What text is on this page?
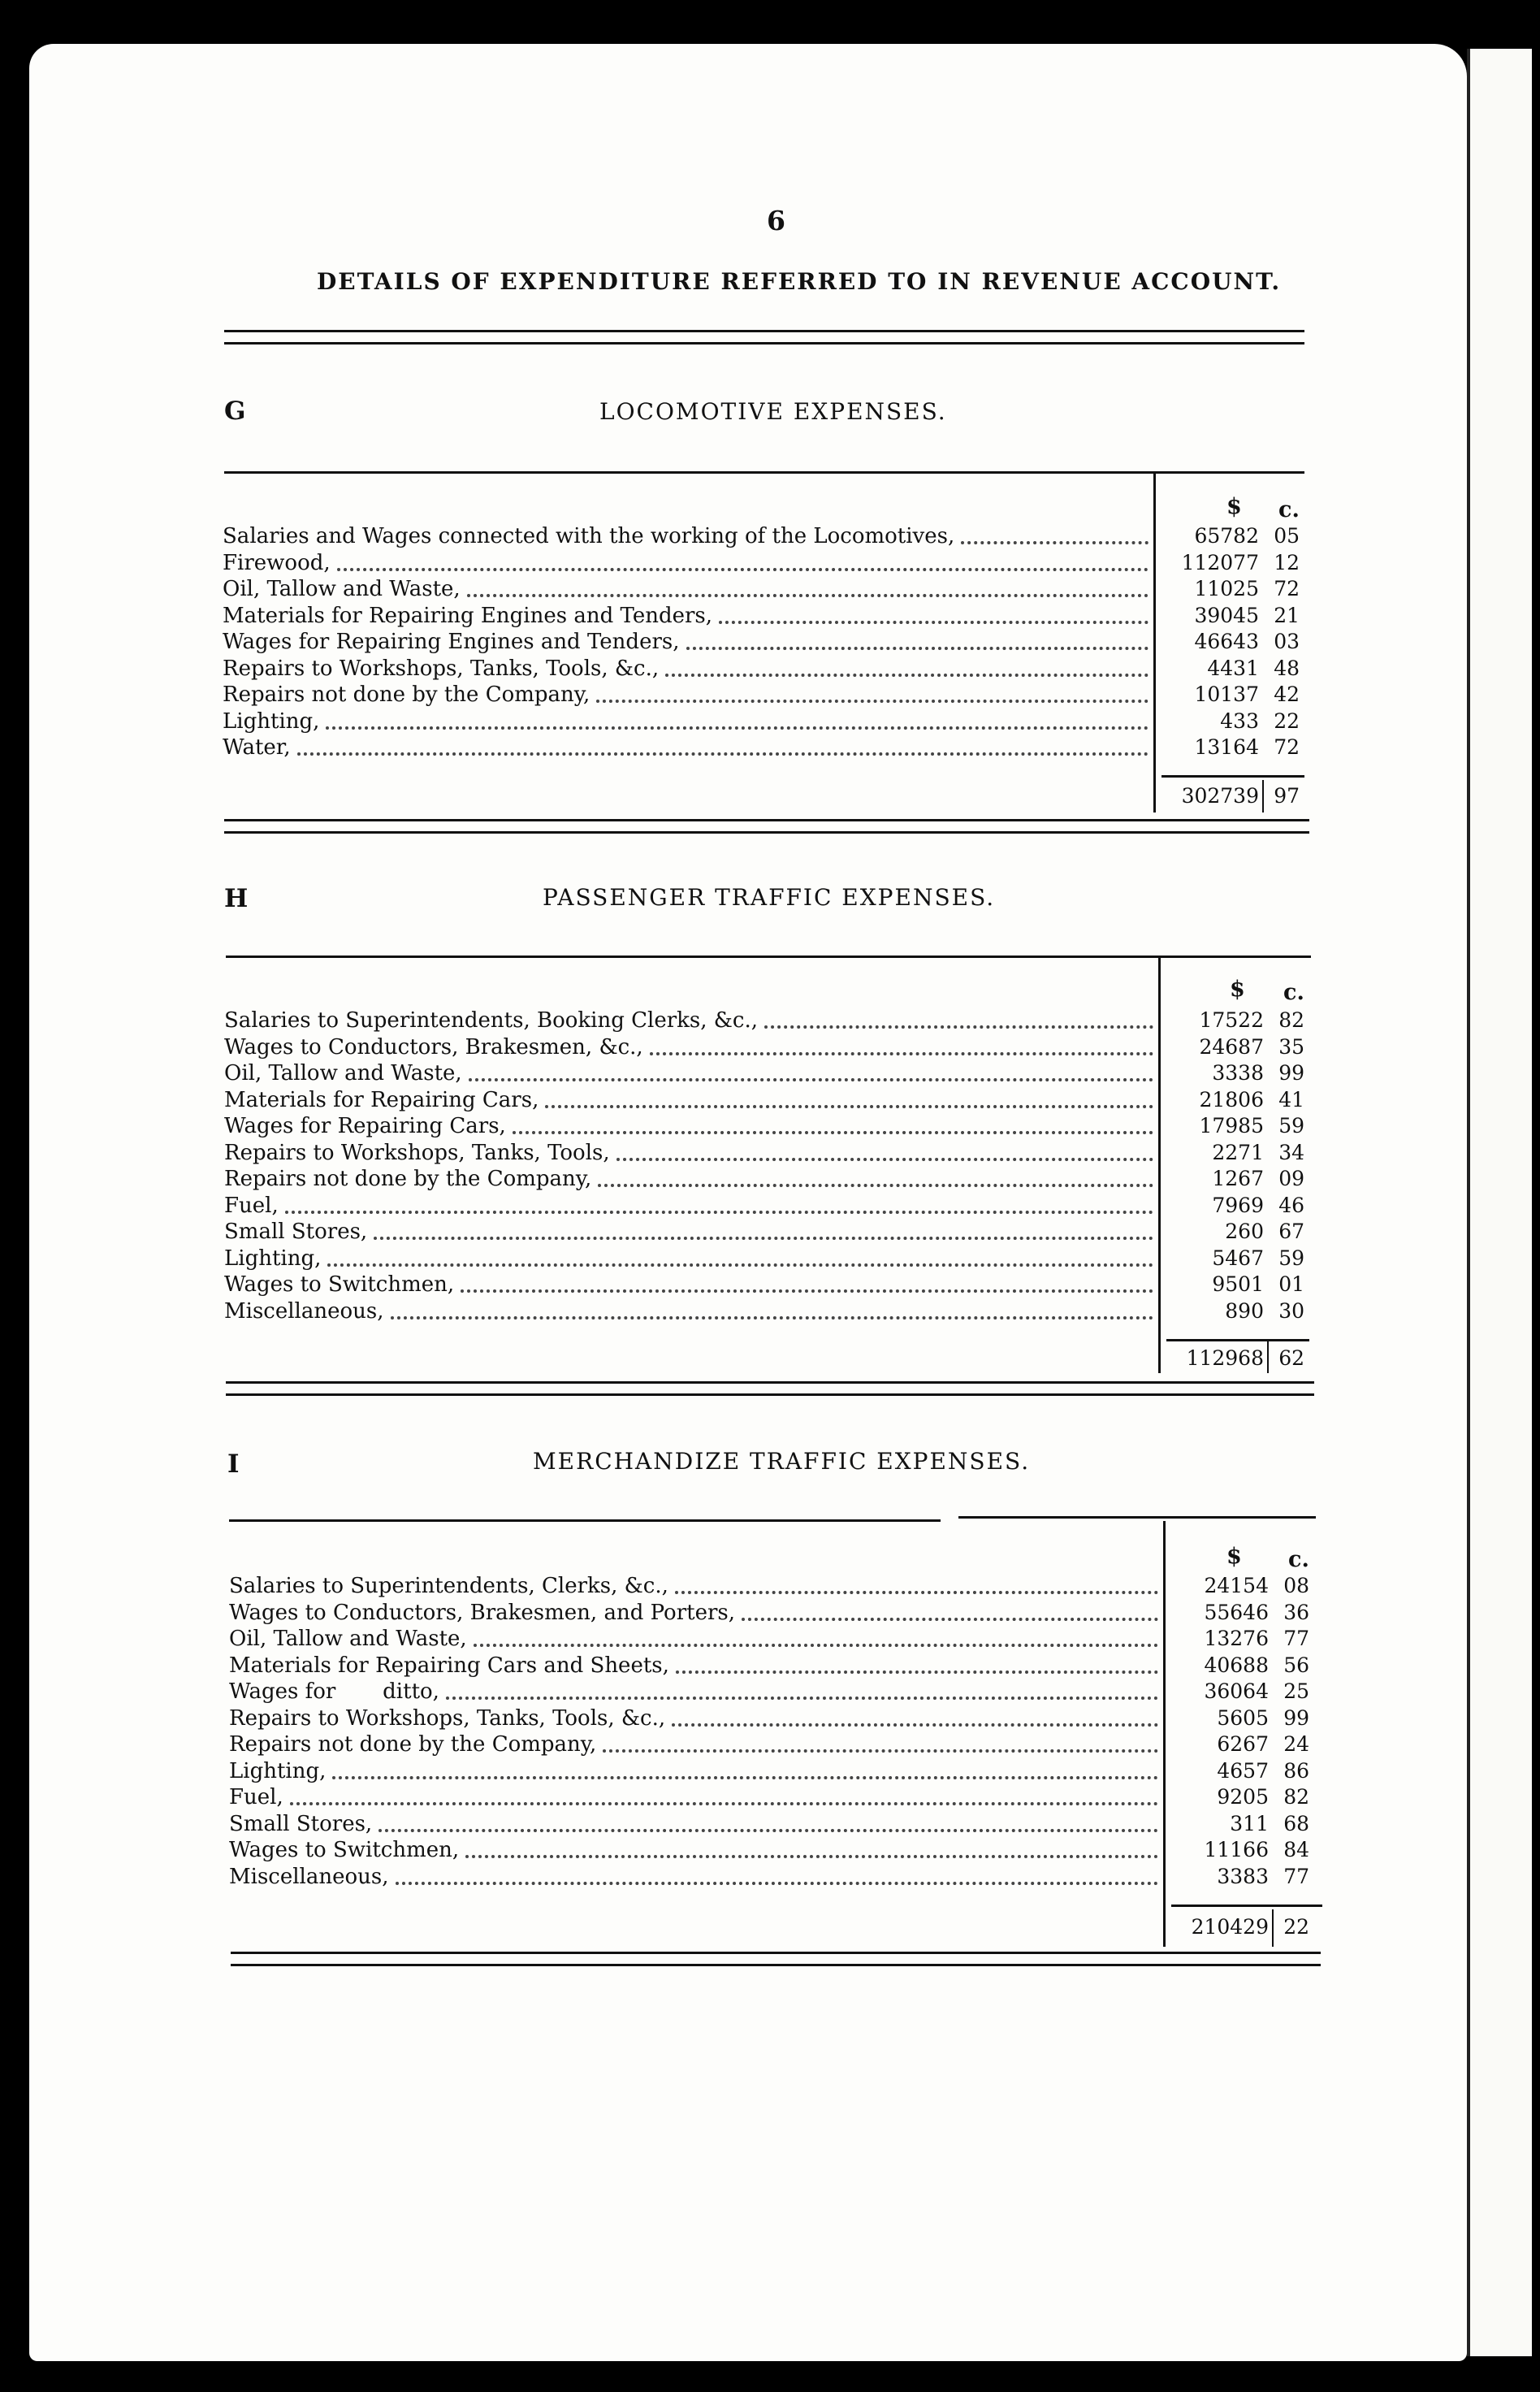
6
DETAILS OF EXPENDITURE REFERRED TO IN REVENUE ACCOUNT.
G	LOCOMOTIVE EXPENSES.
$ c.
Salaries and Wages connected with the working of the Locomotives,	65782 05
Firewood,	112077 12
Oil, Tallow and Waste,	11025 72
Materials for Repairing Engines and Tenders,	39045 21
Wages for Repairing Engines and Tenders,	46643 03
Repairs to Workshops, Tanks, Tools, &c.,	4431 48
Repairs not done by the Company,	10137 42
Lighting,	433 22
Water,	13164 72
302739 97
H	PASSENGER TRAFFIC EXPENSES.
$ c.
Salaries to Superintendents, Booking Clerks, &c.,	17522 82
Wages to Conductors, Brakesmen, &c.,	24687 35
Oil, Tallow and Waste,	3338 99
Materials for Repairing Cars,	21806 41
Wages for Repairing Cars,	17985 59
Repairs to Workshops, Tanks, Tools,	2271 34
Repairs not done by the Company,	1267 09
Fuel,	7969 46
Small Stores,	260 67
Lighting,	5467 59
Wages to Switchmen,	9501 01
Miscellaneous,	890 30
112968 62
I	MERCHANDIZE TRAFFIC EXPENSES.
$ c.
Salaries to Superintendents, Clerks, &c.,	24154 08
Wages to Conductors, Brakesmen, and Porters,	55646 36
Oil, Tallow and Waste,	13276 77
Materials for Repairing Cars and Sheets,	40688 56
Wages for       ditto,	36064 25
Repairs to Workshops, Tanks, Tools, &c.,	5605 99
Repairs not done by the Company,	6267 24
Lighting,	4657 86
Fuel,	9205 82
Small Stores,	311 68
Wages to Switchmen,	11166 84
Miscellaneous,	3383 77
210429 22
